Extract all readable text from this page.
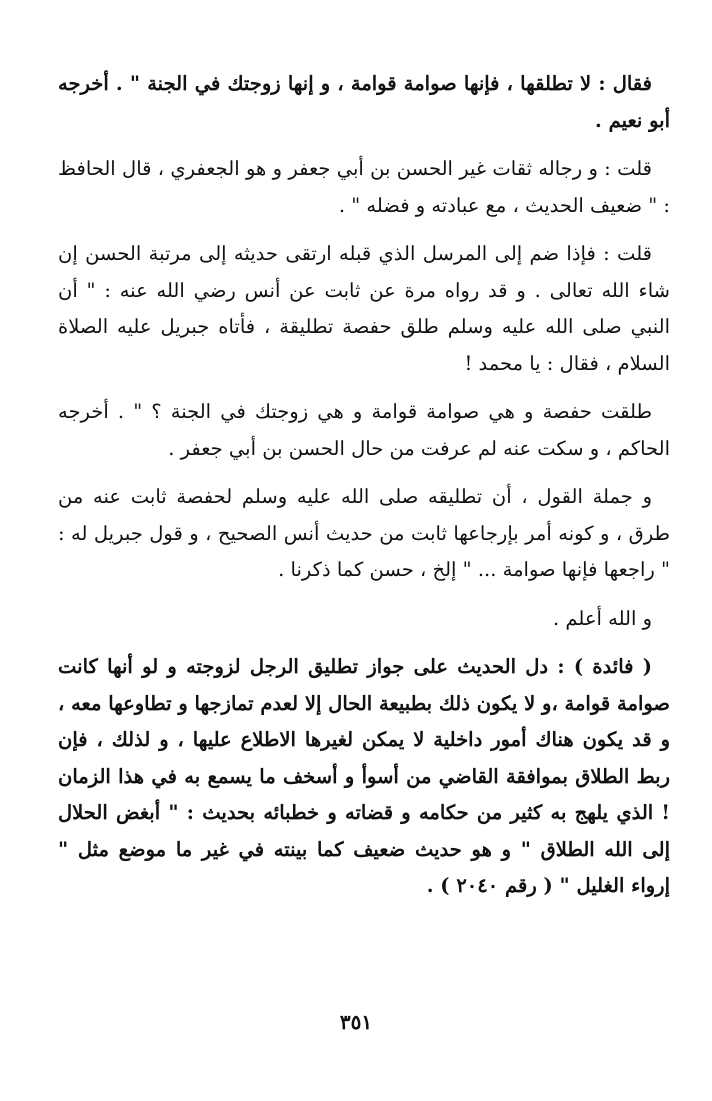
فقال : لا تطلقها ، فإنها صوامة قوامة ، و إنها زوجتك في الجنة " . أخرجه أبو نعيم .

قلت : و رجاله ثقات غير الحسن بن أبي جعفر و هو الجعفري ، قال الحافظ : " ضعيف الحديث ، مع عبادته و فضله " .

قلت : فإذا ضم إلى المرسل الذي قبله ارتقى حديثه إلى مرتبة الحسن إن شاء الله تعالى . و قد رواه مرة عن ثابت عن أنس رضي الله عنه : " أن النبي صلى الله عليه وسلم طلق حفصة تطليقة ، فأتاه جبريل عليه الصلاة السلام ، فقال : يا محمد !

طلقت حفصة و هي صوامة قوامة و هي زوجتك في الجنة ؟ " . أخرجه الحاكم ، و سكت عنه لم عرفت من حال الحسن بن أبي جعفر .

و جملة القول ، أن تطليقه صلى الله عليه وسلم لحفصة ثابت عنه من طرق ، و كونه أمر بإرجاعها ثابت من حديث أنس الصحيح ، و قول جبريل له : " راجعها فإنها صوامة ... " إلخ ، حسن كما ذكرنا .

و الله أعلم .

( فائدة ) : دل الحديث على جواز تطليق الرجل لزوجته و لو أنها كانت صوامة قوامة ،و لا يكون ذلك بطبيعة الحال إلا لعدم تمازجها و تطاوعها معه ، و قد يكون هناك أمور داخلية لا يمكن لغيرها الاطلاع عليها ، و لذلك ، فإن ربط الطلاق بموافقة القاضي من أسوأ و أسخف ما يسمع به في هذا الزمان ! الذي يلهج به كثير من حكامه و قضاته و خطبائه بحديث : " أبغض الحلال إلى الله الطلاق " و هو حديث ضعيف كما بينته في غير ما موضع مثل " إرواء الغليل " ( رقم ٢٠٤٠ ) .

٣٥١
